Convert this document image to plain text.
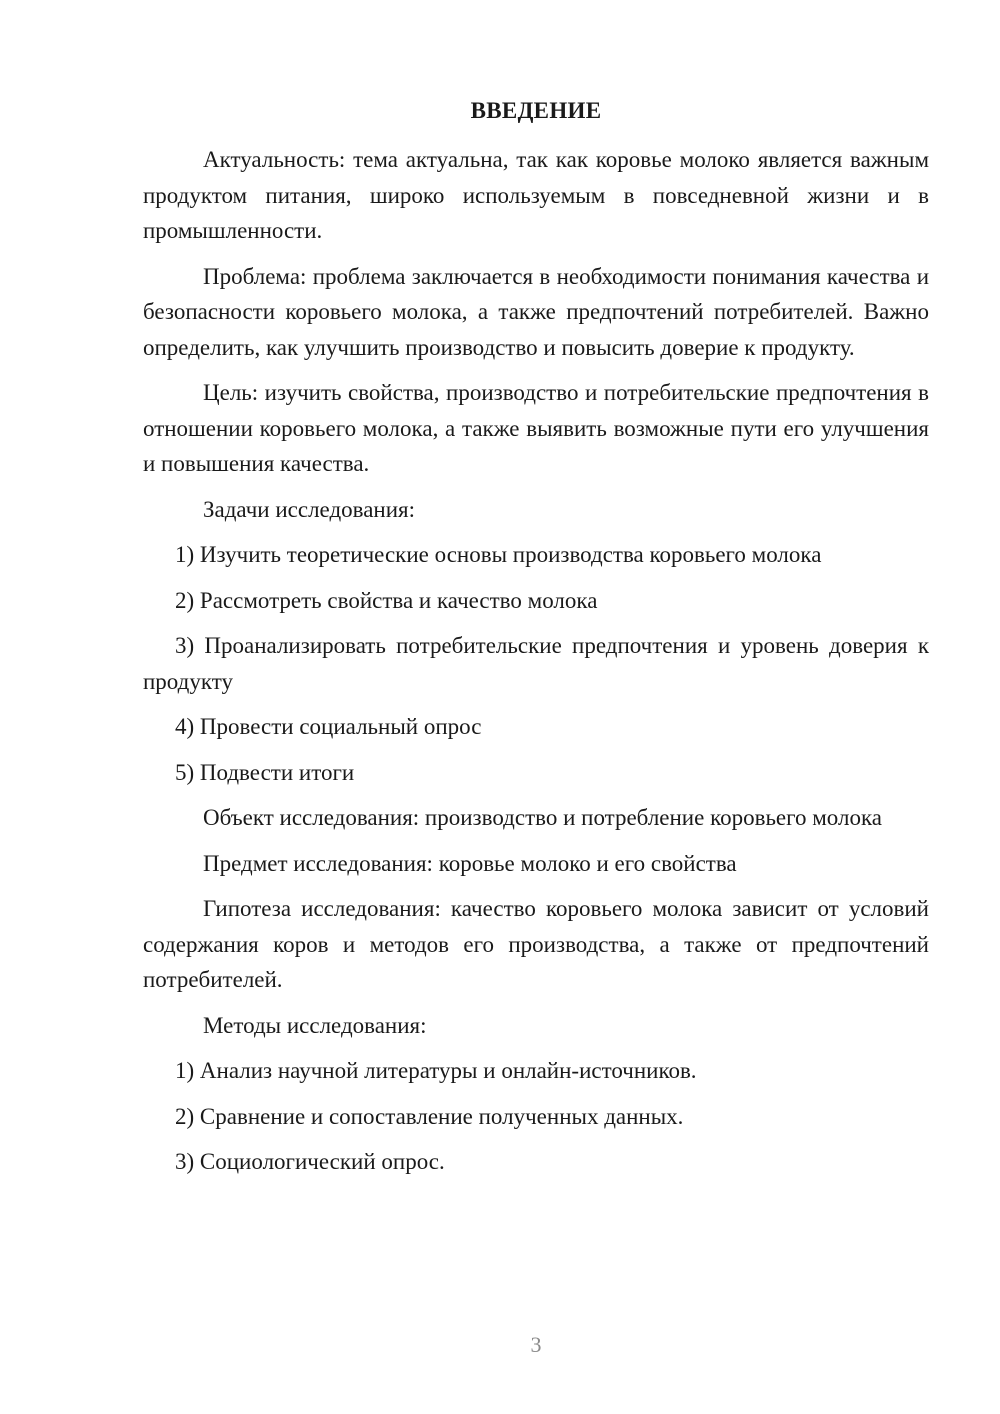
ВВЕДЕНИЕ

Актуальность: тема актуальна, так как коровье молоко является важным продуктом питания, широко используемым в повседневной жизни и в промышленности.

Проблема: проблема заключается в необходимости понимания качества и безопасности коровьего молока, а также предпочтений потребителей. Важно определить, как улучшить производство и повысить доверие к продукту.

Цель: изучить свойства, производство и потребительские предпочтения в отношении коровьего молока, а также выявить возможные пути его улучшения и повышения качества.

Задачи исследования:

1) Изучить теоретические основы производства коровьего молока

2) Рассмотреть свойства и качество молока

3) Проанализировать потребительские предпочтения и уровень доверия к продукту

4) Провести социальный опрос

5) Подвести итоги

Объект исследования: производство и потребление коровьего молока

Предмет исследования: коровье молоко и его свойства

Гипотеза исследования: качество коровьего молока зависит от условий содержания коров и методов его производства, а также от предпочтений потребителей.

Методы исследования:

1) Анализ научной литературы и онлайн-источников.

2) Сравнение и сопоставление полученных данных.

3) Социологический опрос.

3
